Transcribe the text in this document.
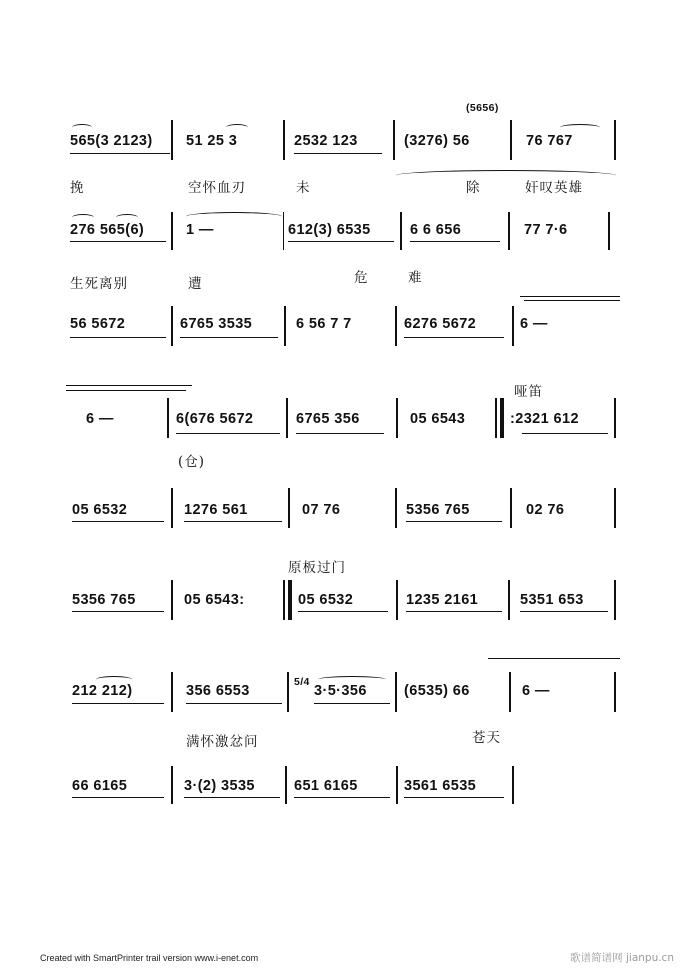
565(3 2123) 51 25 3	2532 123
(5656)
(3276) 56	76 767
挽	空怀血刃	未	除	奸叹英雄
276 565(6)	1 —	612(3) 6535	6 6 656	77 7·6
生死离别	遭	危	难
56 5672	6765 3535	6 56 7 7	6276 5672	6 —
6 —	6(676 5672	6765 356	05 6543	:2321 612
哑笛
(仓)
05 6532	1276 561	07 76	5356 765	02 76
原板过门
5356 765	05 6543:	05 6532	1235 2161	5351 653
212 212)	356 6553
5/4
3·5·356	(6535) 66	6 —
满怀激忿问	苍天
66 6165	3·(2) 3535	651 6165	3561 6535
Created with SmartPrinter trail version www.i-enet.com	歌谱简谱网 jianpu.cn
